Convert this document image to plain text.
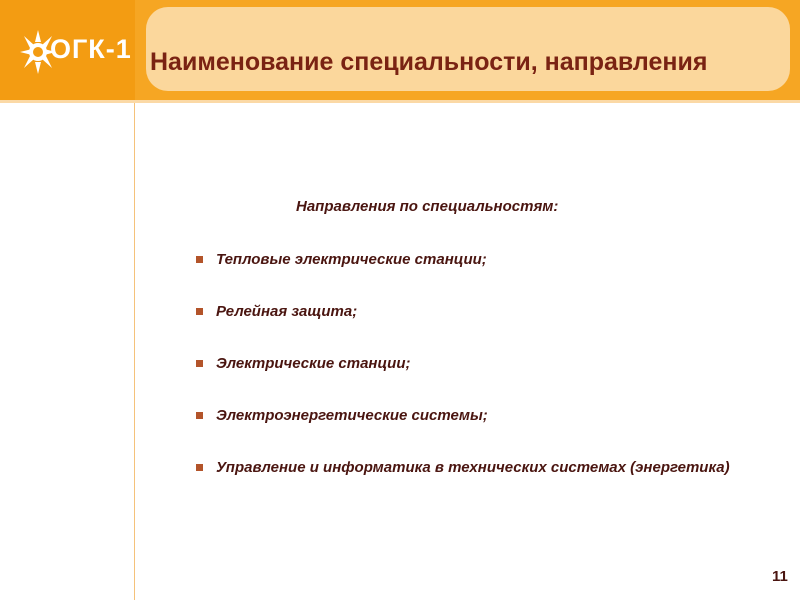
ОГК-1 Наименование специальности, направления
Направления по специальностям:
Тепловые электрические станции;
Релейная защита;
Электрические станции;
Электроэнергетические системы;
Управление и информатика в технических системах (энергетика)
11
